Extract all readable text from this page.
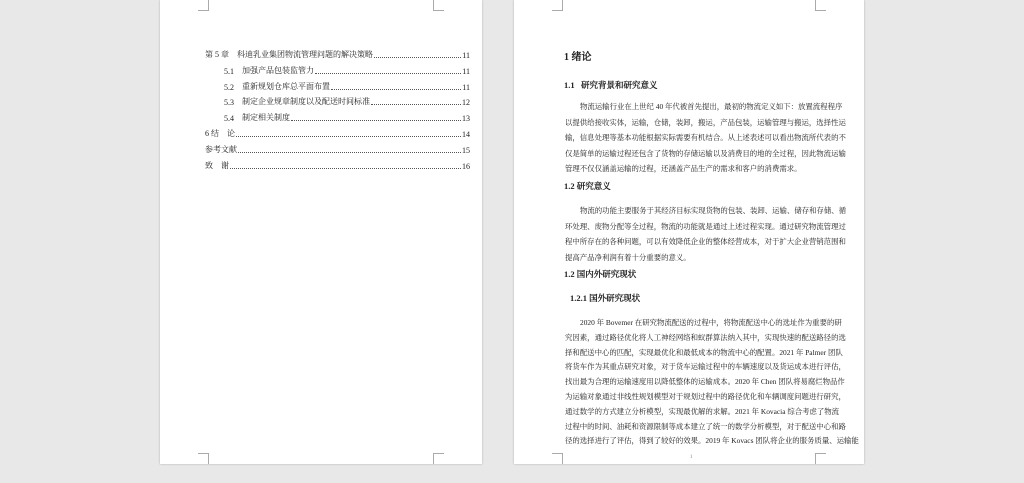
第 5 章 科迪乳业集团物流管理问题的解决策略	11
5.1 加强产品包装监管力	11
5.2 重新规划仓库总平面布置	11
5.3 制定企业规章制度以及配送时间标准	12
5.4 制定相关制度	13
6 结    论	14
参考文献	15
致    谢	16
1 绪论
1.1   研究背景和研究意义
物流运输行业在上世纪 40 年代被首先提出，最初的物流定义如下：放置流程程序
以提供给接收实体，运输，仓储，装卸，搬运，产品包装，运输管理与搬运，选择性运
输，信息处理等基本功能根据实际需要有机结合。从上述表述可以看出物流所代表的不
仅是简单的运输过程还包含了货物的存储运输以及消费目的地的全过程，因此物流运输
管理不仅仅涵盖运输的过程，还涵盖产品生产的需求和客户的消费需求。
1.2 研究意义
物流的功能主要服务于其经济目标实现货物的包装、装卸、运输、储存和存储、循
环处理、废物分配等全过程，物流的功能就是通过上述过程实现。通过研究物流管理过
程中所存在的各种问题，可以有效降低企业的整体经营成本，对于扩大企业营销范围和
提高产品净利润有着十分重要的意义。
1.2 国内外研究现状
1.2.1 国外研究现状
2020 年 Bovemer 在研究物流配送的过程中，将物流配送中心的选址作为重要的研
究因素，通过路径优化将人工神经网络和蚁群算法纳入其中，实现快速的配送路径的选
择和配送中心的匹配，实现最优化和最低成本的物流中心的配置。2021 年 Palmer 团队
将货车作为其重点研究对象，对于货车运输过程中的车辆速度以及货运成本进行评估，
找出最为合理的运输速度用以降低整体的运输成本。2020 年 Chen 团队将易腐烂物品作
为运输对象通过非线性规划模型对于规划过程中的路径优化和车辆调度问题进行研究，
通过数学的方式建立分析模型，实现最优解的求解。2021 年 Kovacia 综合考虑了物流
过程中的时间、油耗和资源限制等成本建立了统一的数学分析模型，对于配送中心和路
径的选择进行了评估，得到了较好的效果。2019 年 Kovacs 团队将企业的服务质量、运输能
1
